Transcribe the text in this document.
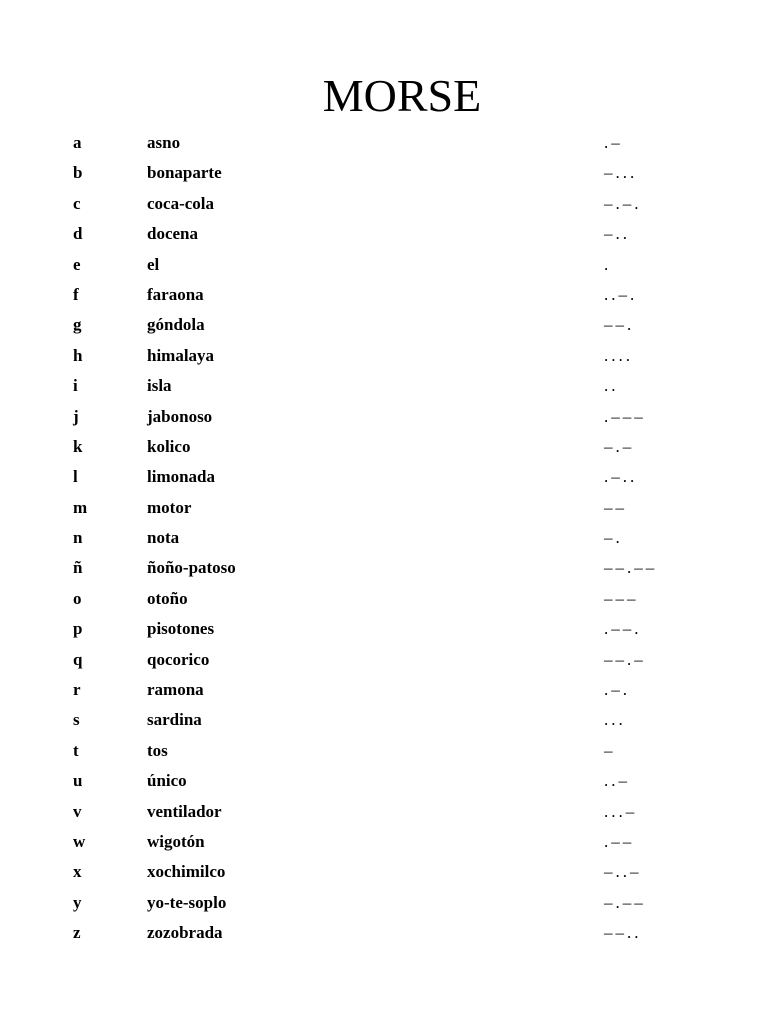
MORSE
a	asno	.–
b	bonaparte	–...
c	coca-cola	–.–.
d	docena	–..
e	el	.
f	faraona	..–.
g	góndola	––.
h	himalaya	....
i	isla	..
j	jabonoso	.–––
k	kolico	–.–
l	limonada	.–..
m	motor	––
n	nota	–.
ñ	ñoño-patoso	––.––
o	otoño	–––
p	pisotones	.––.
q	qocorico	––.–
r	ramona	.–.
s	sardina	...
t	tos	–
u	único	..–
v	ventilador	...–
w	wigotón	.––
x	xochimilco	–..–
y	yo-te-soplo	–.––
z	zozobrada	––..
